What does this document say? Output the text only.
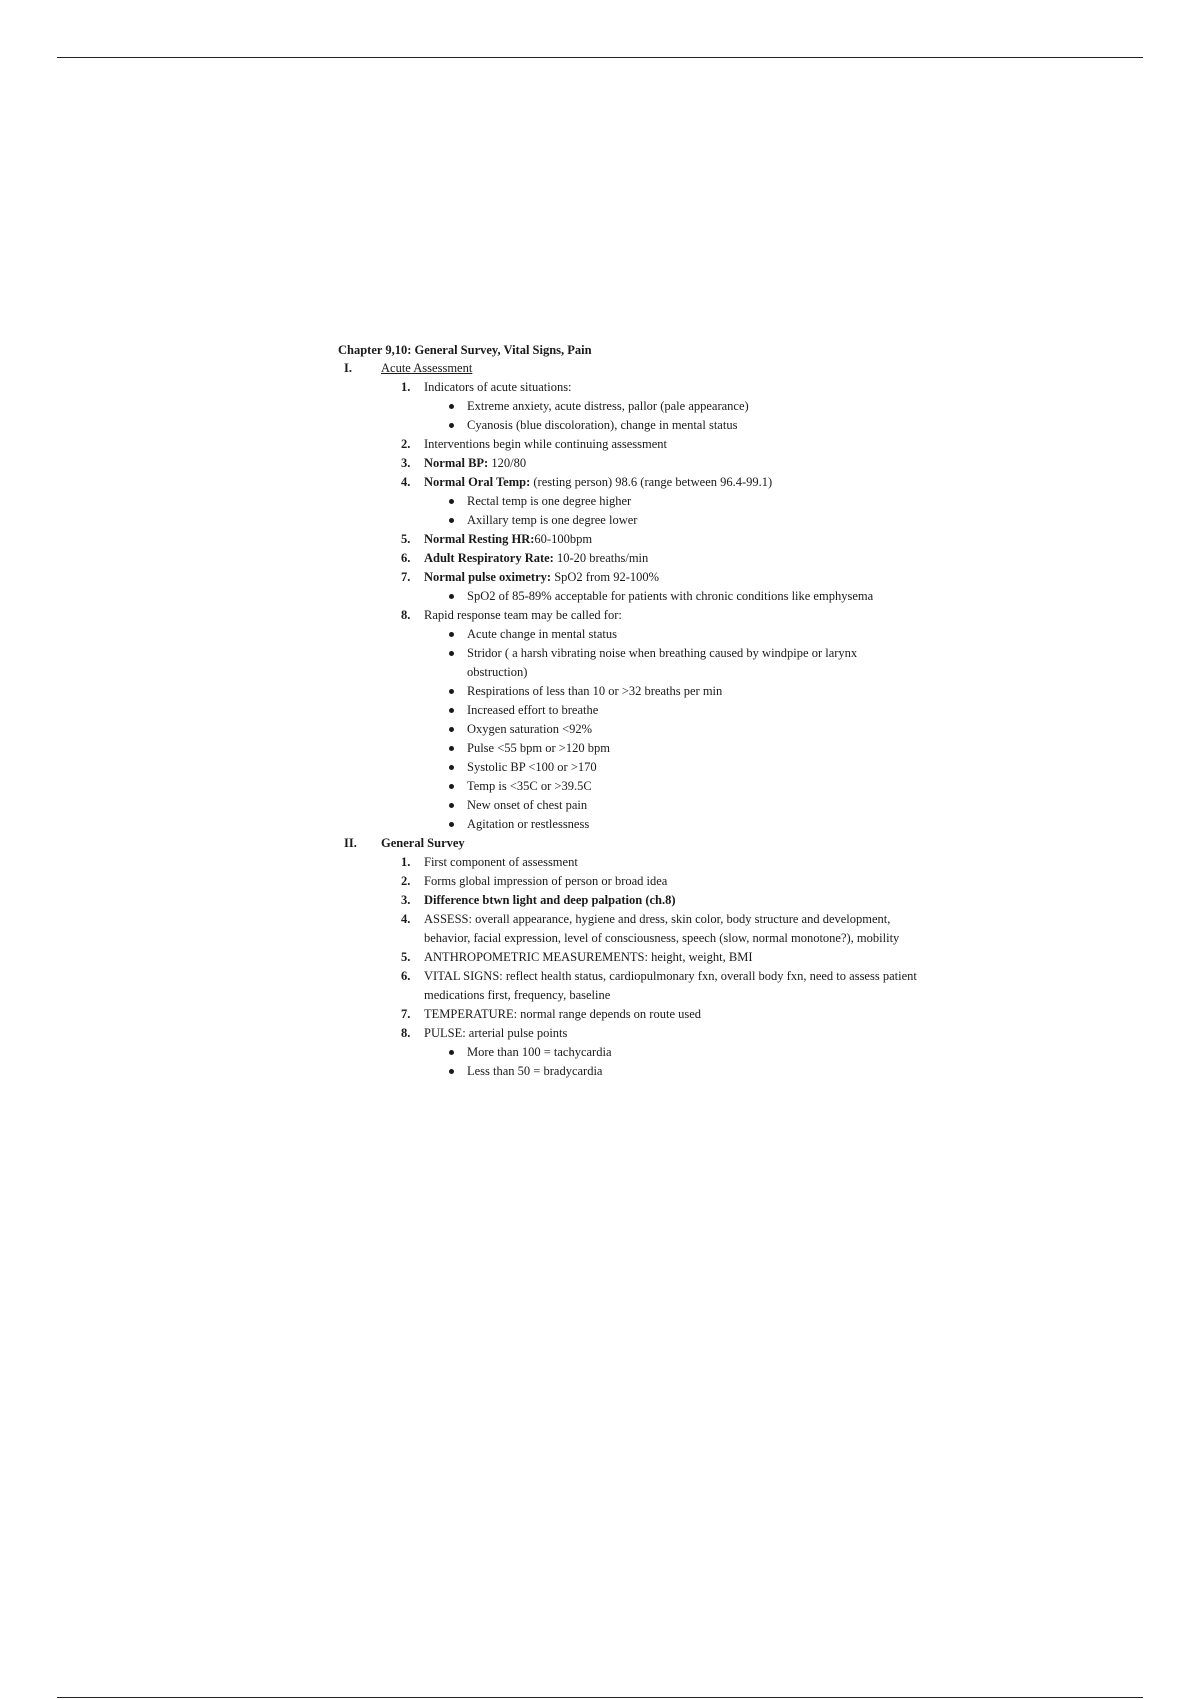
Chapter 9,10: General Survey, Vital Signs, Pain
I.	Acute Assessment
1.	Indicators of acute situations:
Extreme anxiety, acute distress, pallor (pale appearance)
Cyanosis (blue discoloration), change in mental status
2.	Interventions begin while continuing assessment
3.	Normal BP: 120/80
4.	Normal Oral Temp: (resting person) 98.6 (range between 96.4-99.1)
Rectal temp is one degree higher
Axillary temp is one degree lower
5.	Normal Resting HR:60-100bpm
6.	Adult Respiratory Rate: 10-20 breaths/min
7.	Normal pulse oximetry: SpO2 from 92-100%
SpO2 of 85-89% acceptable for patients with chronic conditions like emphysema
8.	Rapid response team may be called for:
Acute change in mental status
Stridor ( a harsh vibrating noise when breathing caused by windpipe or larynx obstruction)
Respirations of less than 10 or >32 breaths per min
Increased effort to breathe
Oxygen saturation <92%
Pulse <55 bpm or >120 bpm
Systolic BP <100 or >170
Temp is <35C or >39.5C
New onset of chest pain
Agitation or restlessness
II.	General Survey
1.	First component of assessment
2.	Forms global impression of person or broad idea
3.	Difference btwn light and deep palpation (ch.8)
4.	ASSESS: overall appearance, hygiene and dress, skin color, body structure and development, behavior, facial expression, level of consciousness, speech (slow, normal monotone?), mobility
5.	ANTHROPOMETRIC MEASUREMENTS: height, weight, BMI
6.	VITAL SIGNS: reflect health status, cardiopulmonary fxn, overall body fxn, need to assess patient medications first, frequency, baseline
7.	TEMPERATURE: normal range depends on route used
8.	PULSE: arterial pulse points
More than 100 = tachycardia
Less than 50 = bradycardia
